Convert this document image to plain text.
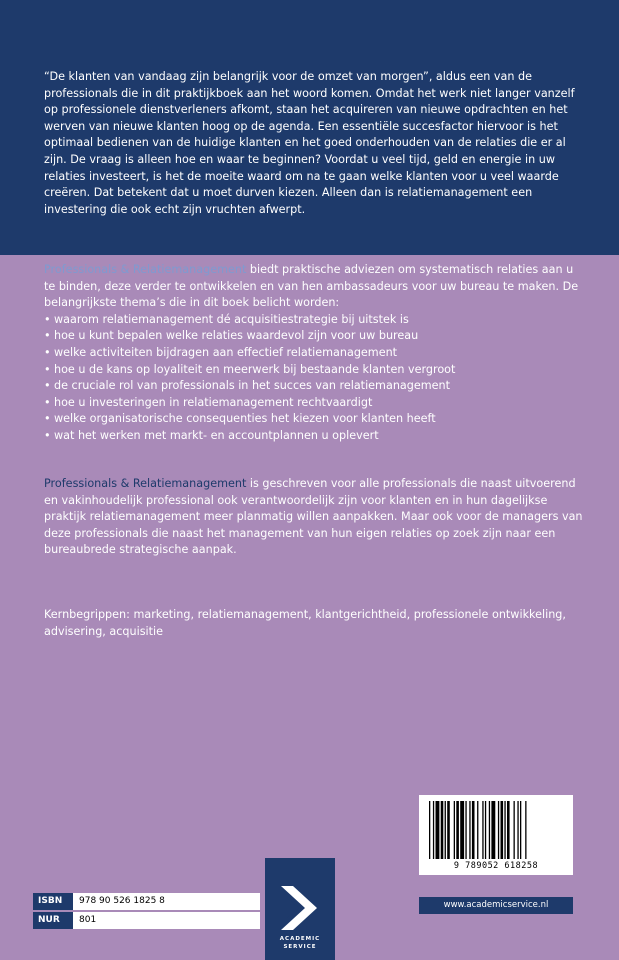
“De klanten van vandaag zijn belangrijk voor de omzet van morgen”, aldus een van de professionals die in dit praktijkboek aan het woord komen. Omdat het werk niet langer vanzelf op professionele dienstverleners afkomt, staan het acquireren van nieuwe opdrachten en het werven van nieuwe klanten hoog op de agenda. Een essentiële succesfactor hiervoor is het optimaal bedienen van de huidige klanten en het goed onderhouden van de relaties die er al zijn. De vraag is alleen hoe en waar te beginnen? Voordat u veel tijd, geld en energie in uw relaties investeert, is het de moeite waard om na te gaan welke klanten voor u veel waarde creëren. Dat betekent dat u moet durven kiezen. Alleen dan is relatiemanagement een investering die ook echt zijn vruchten afwerpt.
Professionals & Relatiemanagement biedt praktische adviezen om systematisch relaties aan u te binden, deze verder te ontwikkelen en van hen ambassadeurs voor uw bureau te maken. De belangrijkste thema’s die in dit boek belicht worden:
• waarom relatiemanagement dé acquisitiestrategie bij uitstek is
• hoe u kunt bepalen welke relaties waardevol zijn voor uw bureau
• welke activiteiten bijdragen aan effectief relatiemanagement
• hoe u de kans op loyaliteit en meerwerk bij bestaande klanten vergroot
• de cruciale rol van professionals in het succes van relatiemanagement
• hoe u investeringen in relatiemanagement rechtvaardigt
• welke organisatorische consequenties het kiezen voor klanten heeft
• wat het werken met markt- en accountplannen u oplevert
Professionals & Relatiemanagement is geschreven voor alle professionals die naast uitvoerend en vakinhoudelijk professional ook verantwoordelijk zijn voor klanten en in hun dagelijkse praktijk relatiemanagement meer planmatig willen aanpakken. Maar ook voor de managers van deze professionals die naast het management van hun eigen relaties op zoek zijn naar een bureaubrede strategische aanpak.
Kernbegrippen: marketing, relatiemanagement, klantgerichtheid, professionele ontwikkeling, advisering, acquisitie
9 789052 618258
ISBN	978 90 526 1825 8
NUR	801
ACADEMIC
SERVICE
www.academicservice.nl
